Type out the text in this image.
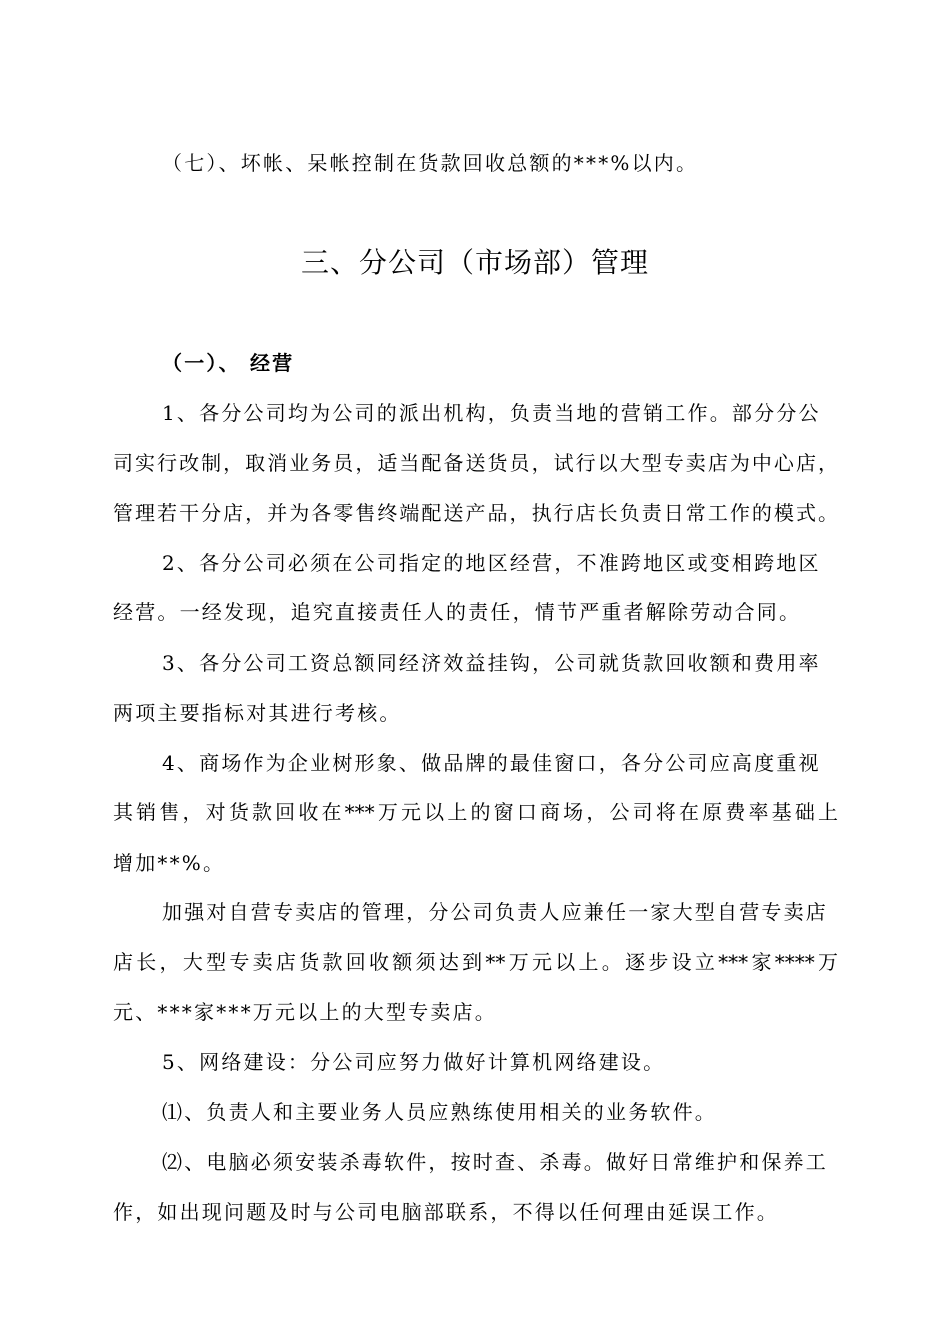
（七）、坏帐、呆帐控制在货款回收总额的***%以内。
三、分公司（市场部）管理
（一）、 经营
1、各分公司均为公司的派出机构，负责当地的营销工作。部分分公
司实行改制，取消业务员，适当配备送货员，试行以大型专卖店为中心店，
管理若干分店，并为各零售终端配送产品，执行店长负责日常工作的模式。
2、各分公司必须在公司指定的地区经营，不准跨地区或变相跨地区
经营。一经发现，追究直接责任人的责任，情节严重者解除劳动合同。
3、各分公司工资总额同经济效益挂钩，公司就货款回收额和费用率
两项主要指标对其进行考核。
4、商场作为企业树形象、做品牌的最佳窗口，各分公司应高度重视
其销售，对货款回收在***万元以上的窗口商场，公司将在原费率基础上
增加**%。
加强对自营专卖店的管理，分公司负责人应兼任一家大型自营专卖店
店长，大型专卖店货款回收额须达到**万元以上。逐步设立***家****万
元、***家***万元以上的大型专卖店。
5、网络建设：分公司应努力做好计算机网络建设。
⑴、负责人和主要业务人员应熟练使用相关的业务软件。
⑵、电脑必须安装杀毒软件，按时查、杀毒。做好日常维护和保养工
作，如出现问题及时与公司电脑部联系，不得以任何理由延误工作。
